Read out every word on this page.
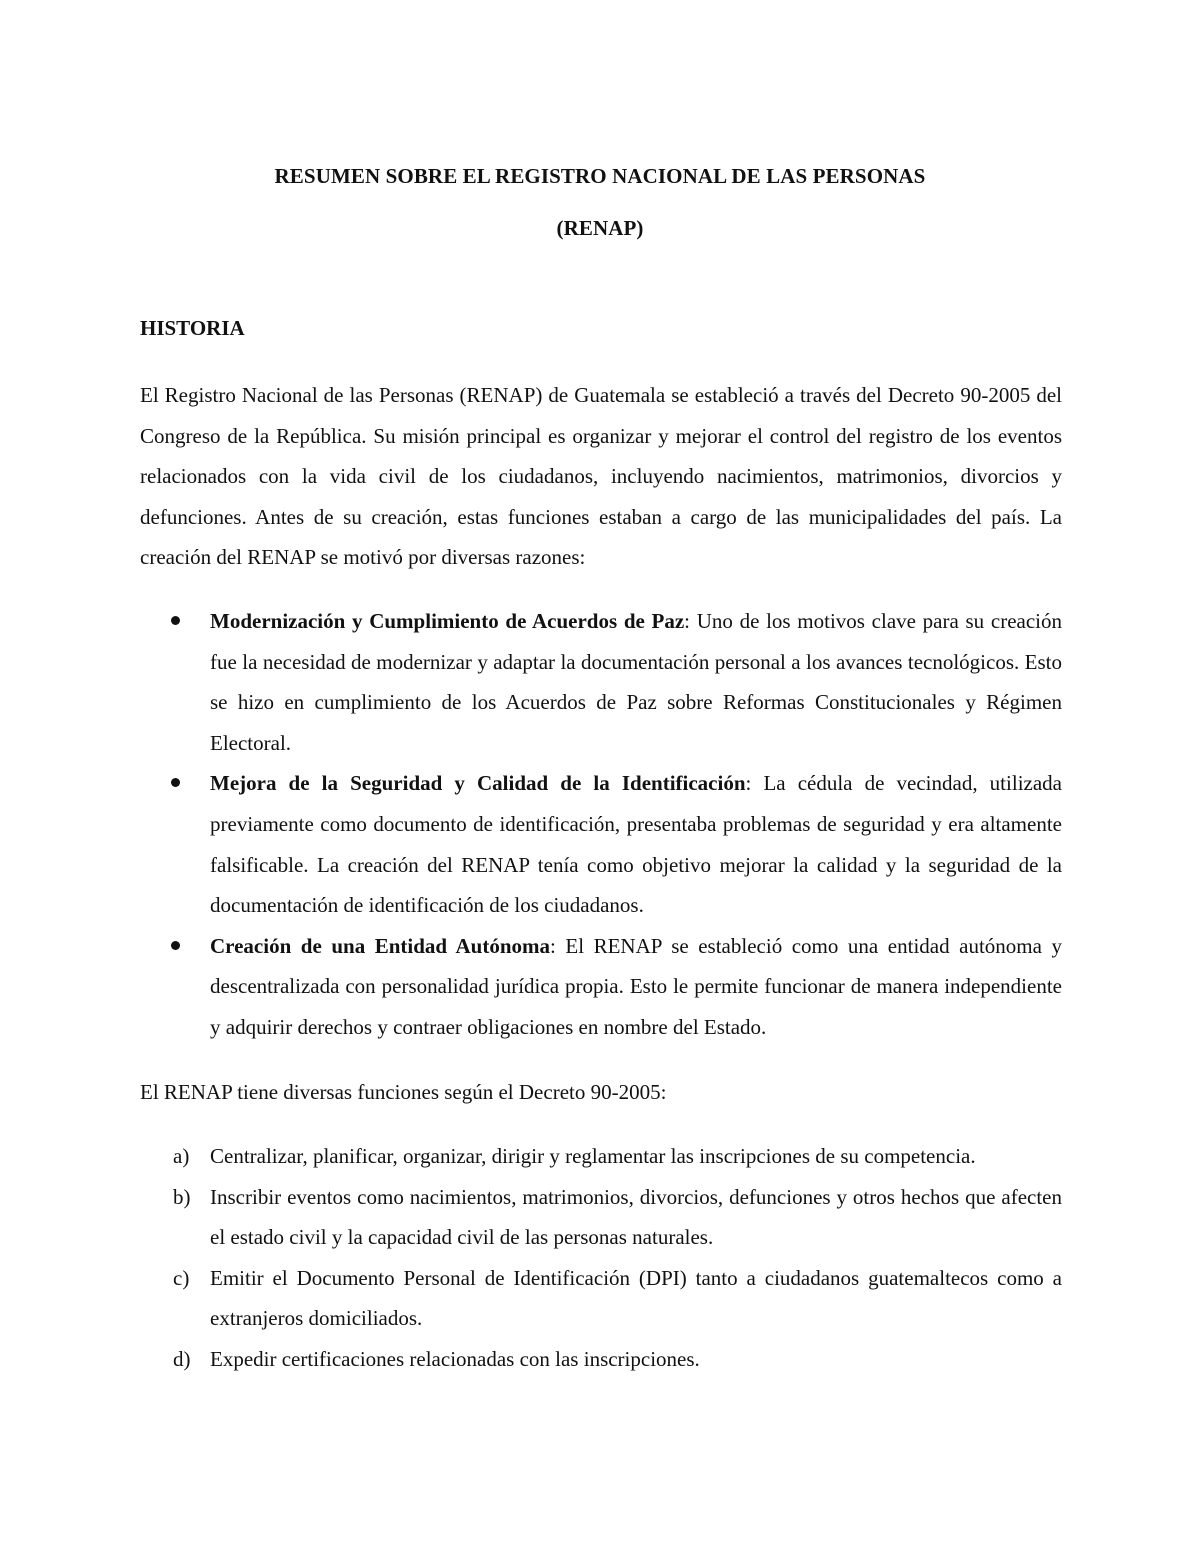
RESUMEN SOBRE EL REGISTRO NACIONAL DE LAS PERSONAS
(RENAP)
HISTORIA
El Registro Nacional de las Personas (RENAP) de Guatemala se estableció a través del Decreto 90-2005 del Congreso de la República. Su misión principal es organizar y mejorar el control del registro de los eventos relacionados con la vida civil de los ciudadanos, incluyendo nacimientos, matrimonios, divorcios y defunciones. Antes de su creación, estas funciones estaban a cargo de las municipalidades del país. La creación del RENAP se motivó por diversas razones:
Modernización y Cumplimiento de Acuerdos de Paz: Uno de los motivos clave para su creación fue la necesidad de modernizar y adaptar la documentación personal a los avances tecnológicos. Esto se hizo en cumplimiento de los Acuerdos de Paz sobre Reformas Constitucionales y Régimen Electoral.
Mejora de la Seguridad y Calidad de la Identificación: La cédula de vecindad, utilizada previamente como documento de identificación, presentaba problemas de seguridad y era altamente falsificable. La creación del RENAP tenía como objetivo mejorar la calidad y la seguridad de la documentación de identificación de los ciudadanos.
Creación de una Entidad Autónoma: El RENAP se estableció como una entidad autónoma y descentralizada con personalidad jurídica propia. Esto le permite funcionar de manera independiente y adquirir derechos y contraer obligaciones en nombre del Estado.
El RENAP tiene diversas funciones según el Decreto 90-2005:
a) Centralizar, planificar, organizar, dirigir y reglamentar las inscripciones de su competencia.
b) Inscribir eventos como nacimientos, matrimonios, divorcios, defunciones y otros hechos que afecten el estado civil y la capacidad civil de las personas naturales.
c) Emitir el Documento Personal de Identificación (DPI) tanto a ciudadanos guatemaltecos como a extranjeros domiciliados.
d) Expedir certificaciones relacionadas con las inscripciones.
